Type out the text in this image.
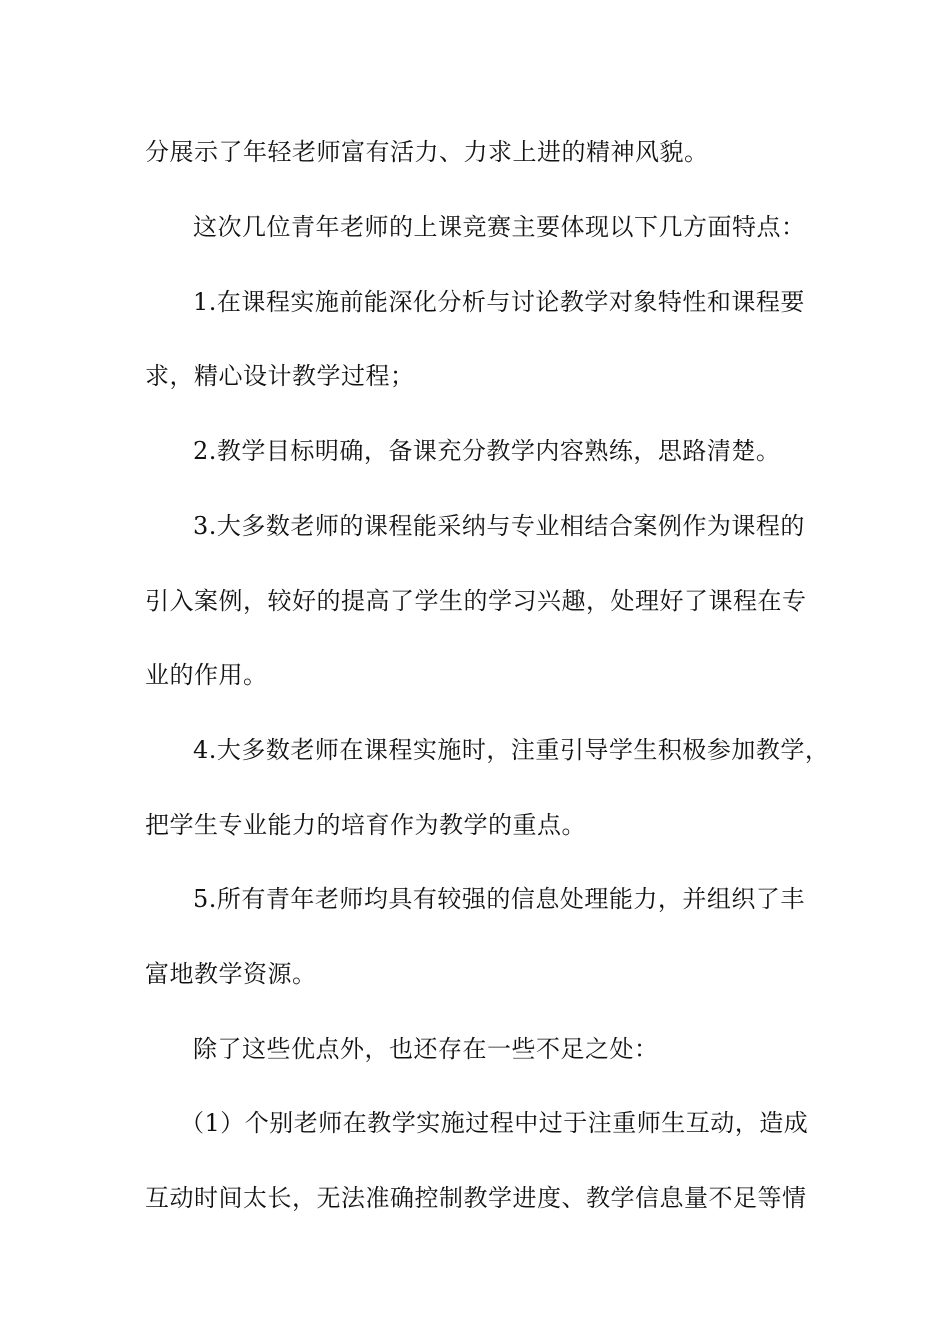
分展示了年轻老师富有活力、力求上进的精神风貌。
这次几位青年老师的上课竞赛主要体现以下几方面特点：
1.在课程实施前能深化分析与讨论教学对象特性和课程要
求，精心设计教学过程；
2.教学目标明确，备课充分教学内容熟练，思路清楚。
3.大多数老师的课程能采纳与专业相结合案例作为课程的
引入案例，较好的提高了学生的学习兴趣，处理好了课程在专
业的作用。
4.大多数老师在课程实施时，注重引导学生积极参加教学，
把学生专业能力的培育作为教学的重点。
5.所有青年老师均具有较强的信息处理能力，并组织了丰
富地教学资源。
除了这些优点外，也还存在一些不足之处：
（1）个别老师在教学实施过程中过于注重师生互动，造成
互动时间太长，无法准确控制教学进度、教学信息量不足等情
